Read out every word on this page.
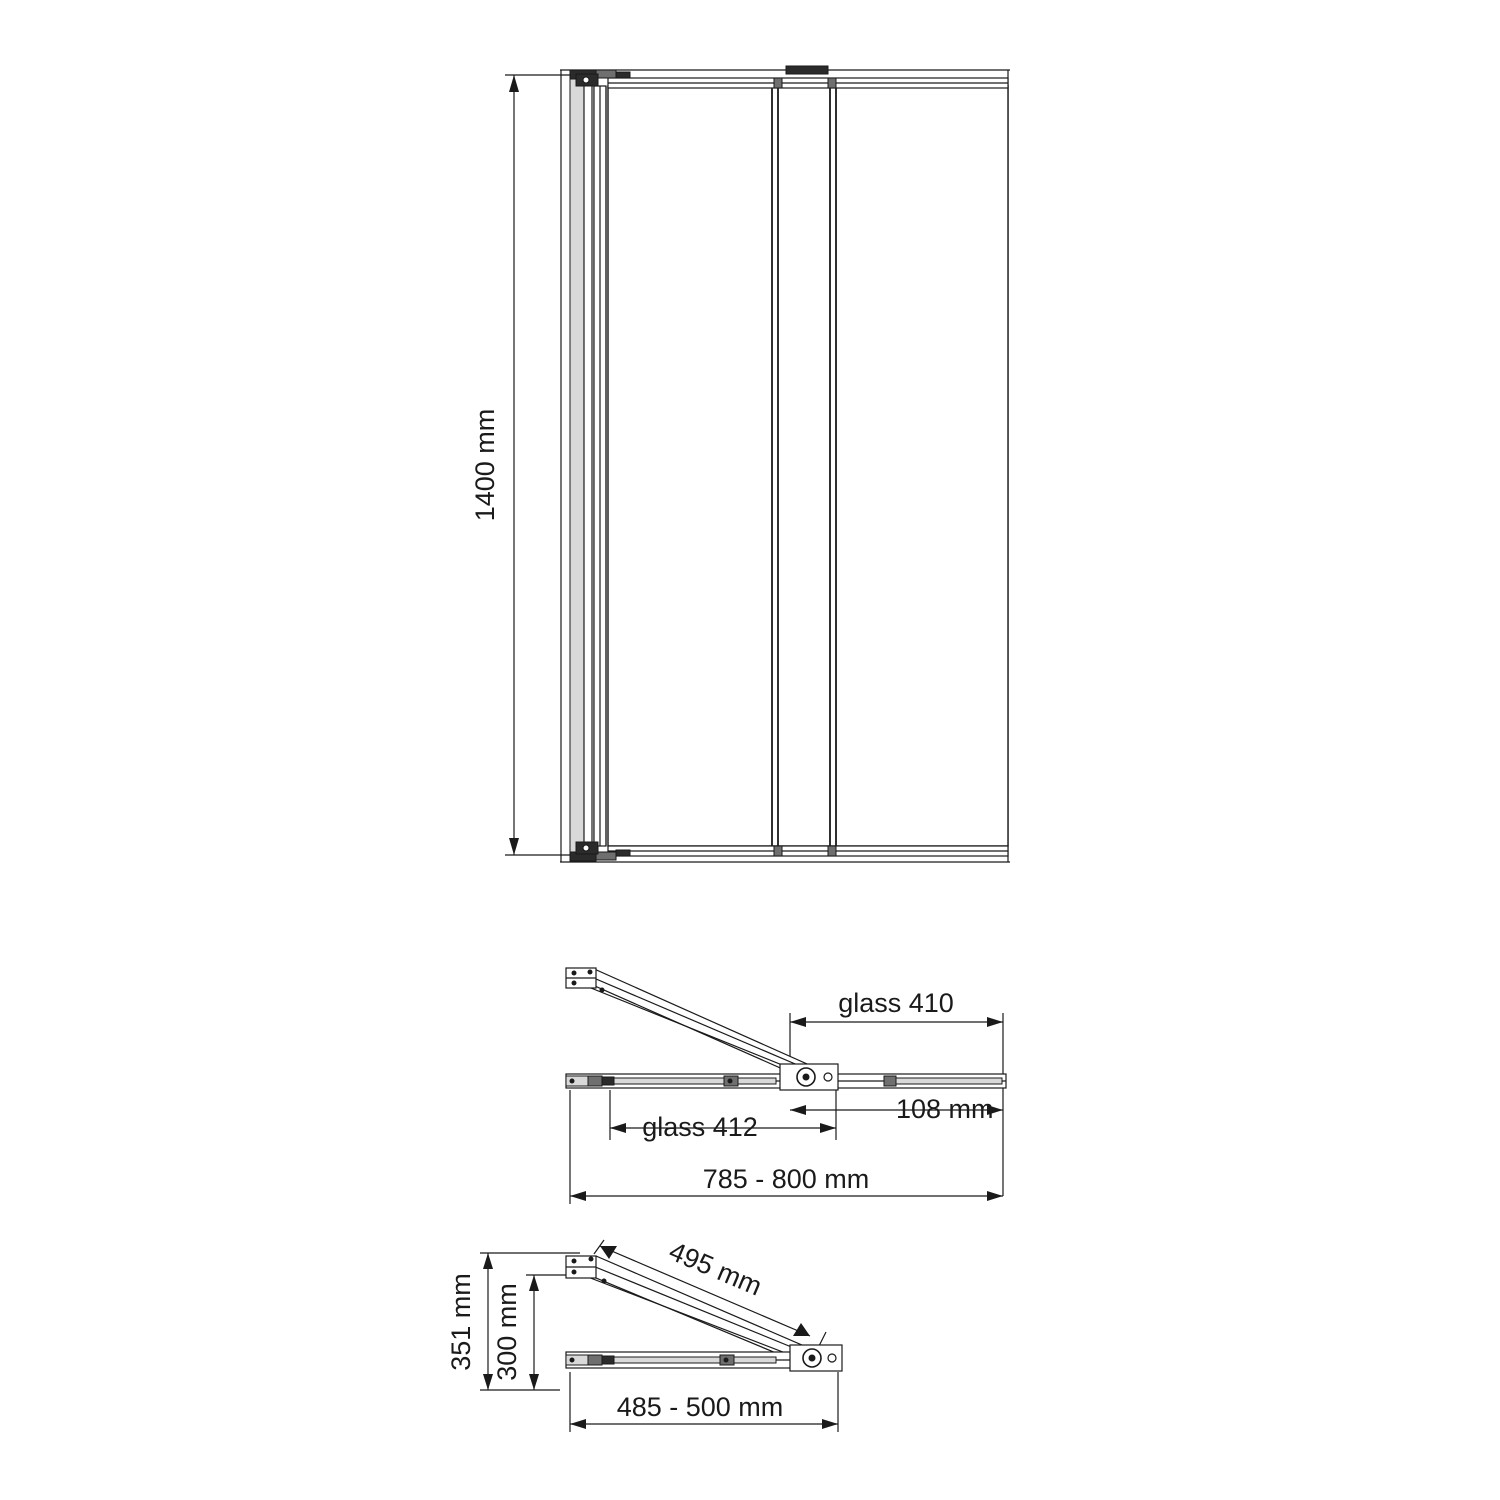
1400 mm
glass 410
108 mm
glass 412
785 - 800 mm
351 mm 300 mm
495 mm
485 - 500 mm
